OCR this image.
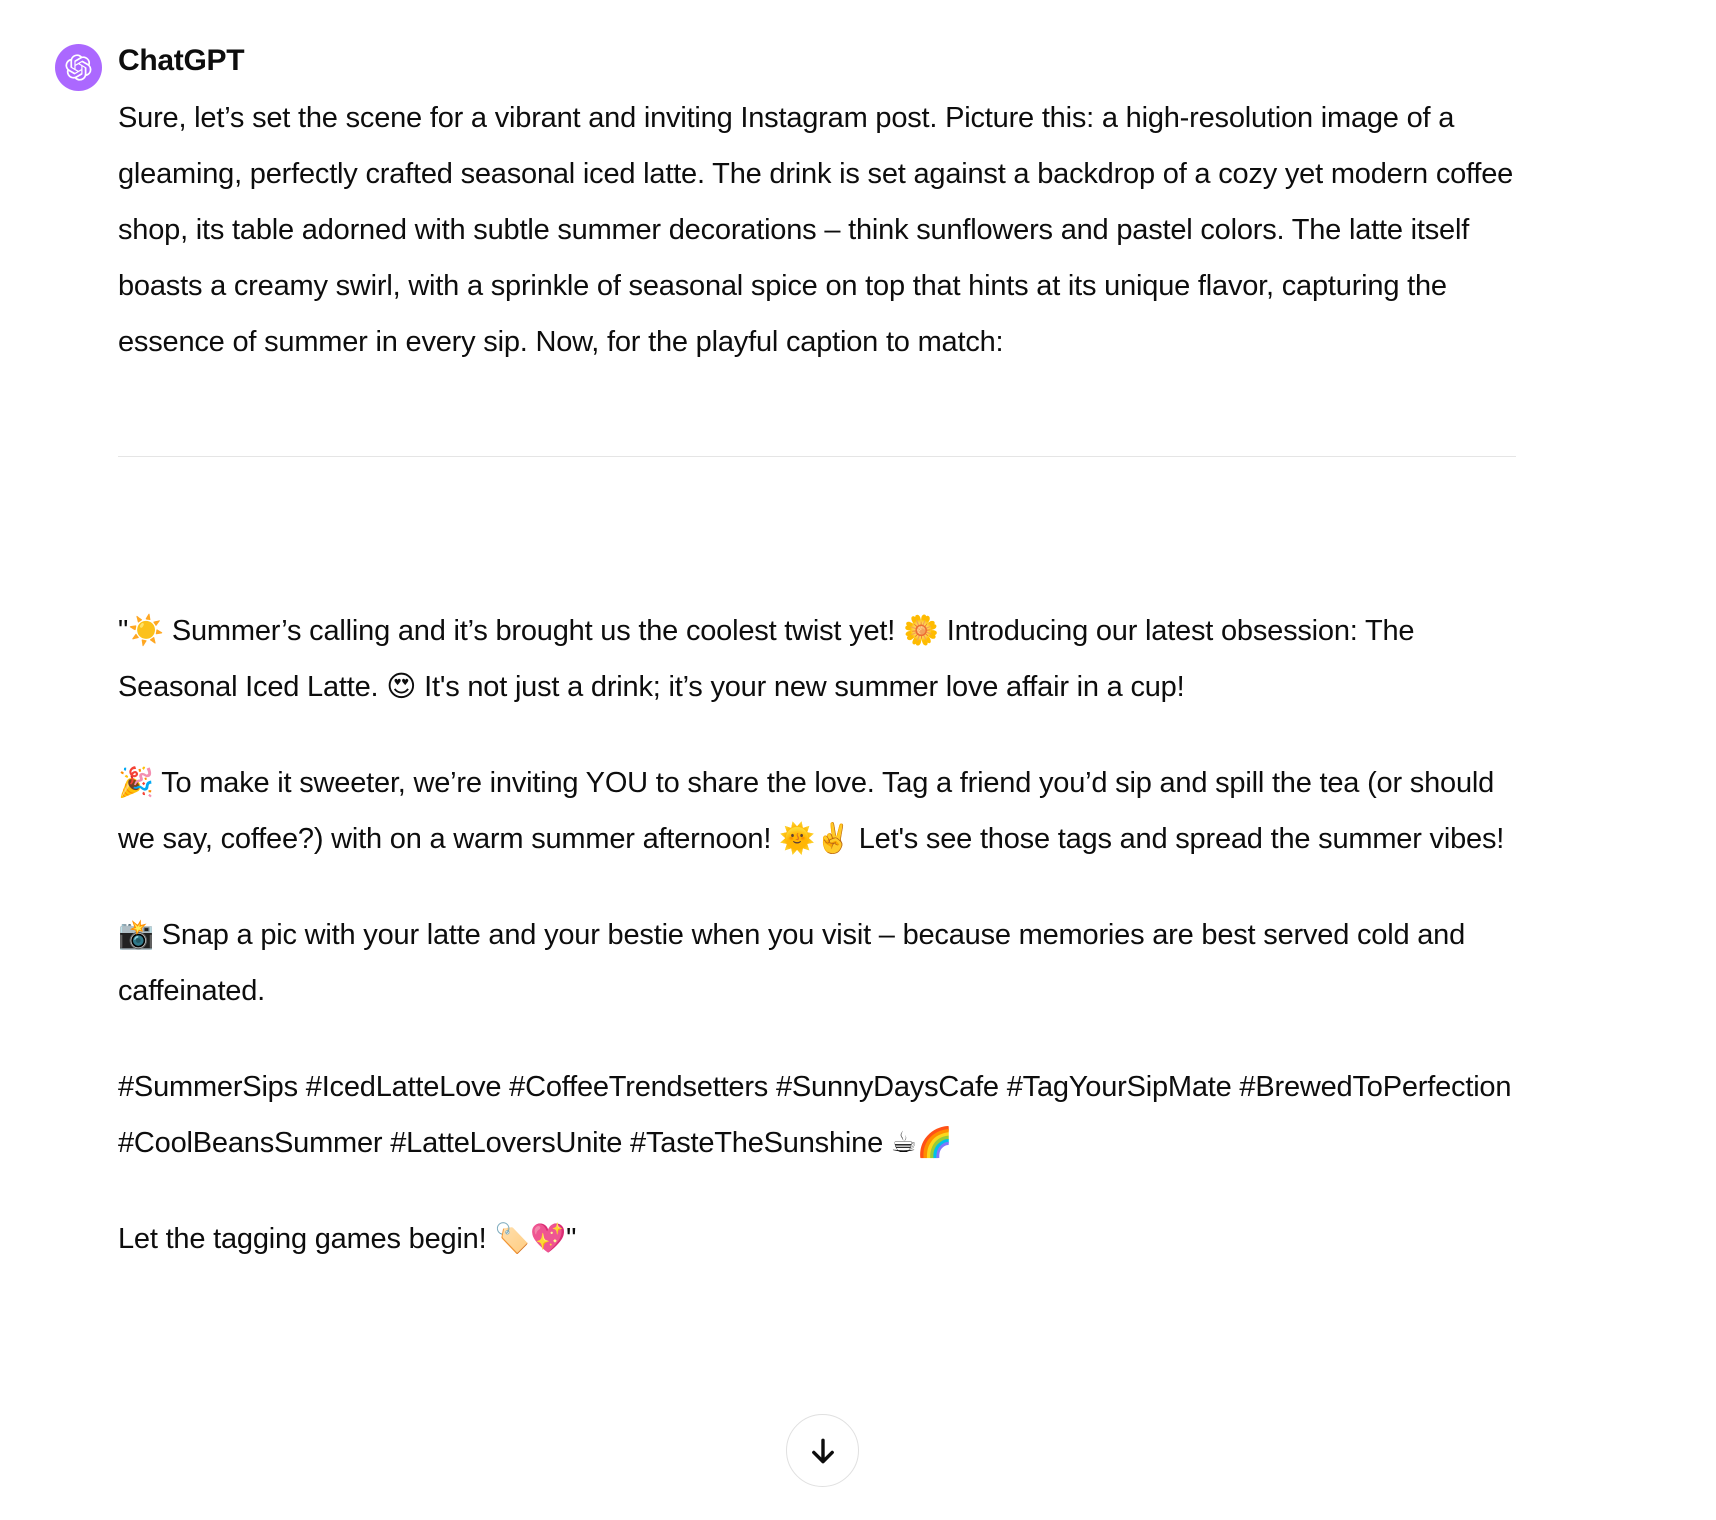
ChatGPT

Sure, let’s set the scene for a vibrant and inviting Instagram post. Picture this: a high-resolution image of a gleaming, perfectly crafted seasonal iced latte. The drink is set against a backdrop of a cozy yet modern coffee shop, its table adorned with subtle summer decorations – think sunflowers and pastel colors. The latte itself boasts a creamy swirl, with a sprinkle of seasonal spice on top that hints at its unique flavor, capturing the essence of summer in every sip. Now, for the playful caption to match:

"☀️ Summer’s calling and it’s brought us the coolest twist yet! 🌼 Introducing our latest obsession: The Seasonal Iced Latte. 😍 It's not just a drink; it’s your new summer love affair in a cup!

🎉 To make it sweeter, we’re inviting YOU to share the love. Tag a friend you’d sip and spill the tea (or should we say, coffee?) with on a warm summer afternoon! 🌞✌️ Let's see those tags and spread the summer vibes!

📸 Snap a pic with your latte and your bestie when you visit – because memories are best served cold and caffeinated.

#SummerSips #IcedLatteLove #CoffeeTrendsetters #SunnyDaysCafe #TagYourSipMate #BrewedToPerfection #CoolBeansSummer #LatteLoversUnite #TasteTheSunshine ☕🌈

Let the tagging games begin! 🏷️💖"
